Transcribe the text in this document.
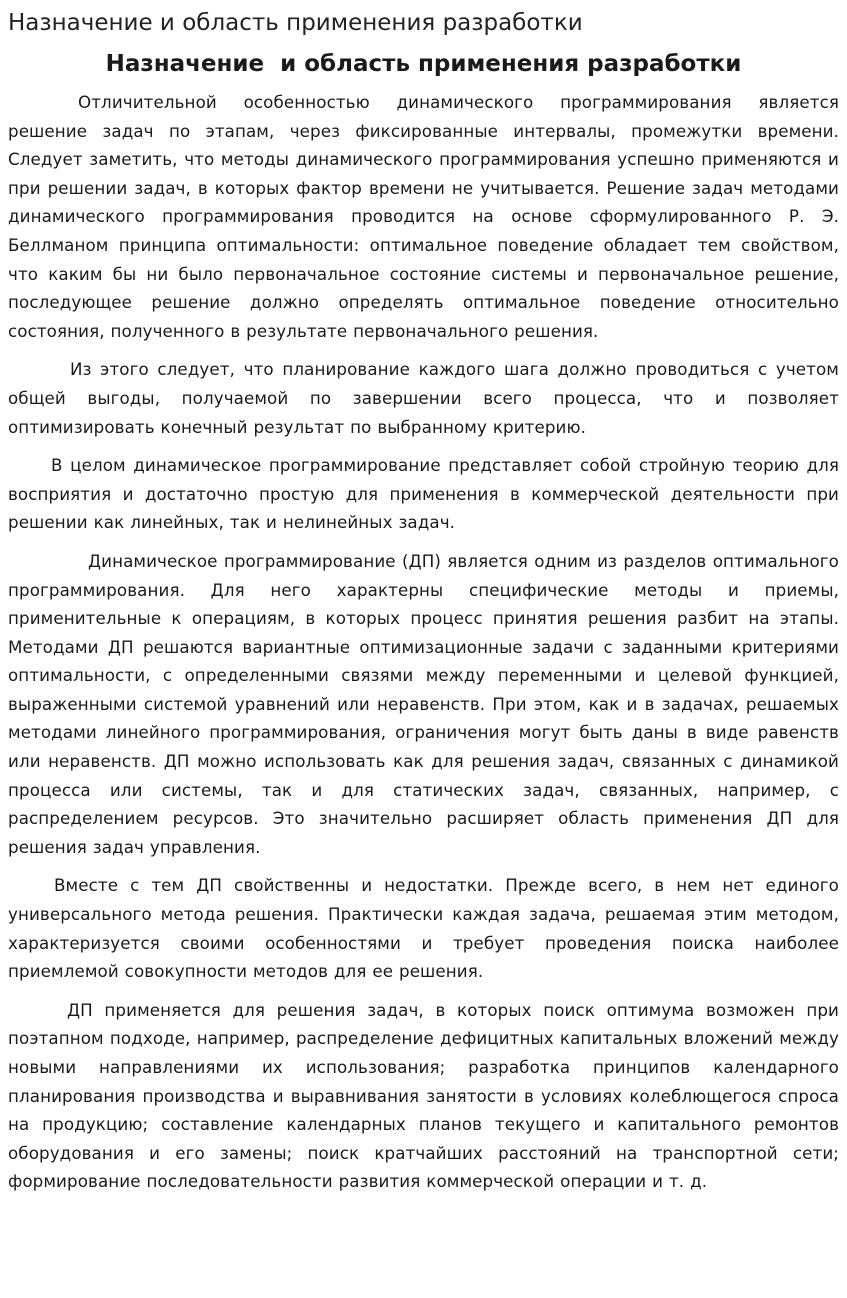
Назначение и область применения разработки
Назначение  и область применения разработки

Отличительной особенностью динамического программирования является решение задач по этапам, через фиксированные интервалы, промежутки времени. Следует заметить, что методы динамического программирования успешно применяются и при решении задач, в которых фактор времени не учитывается. Решение задач методами динамического программирования проводится на основе сформулированного Р. Э. Беллманом принципа оптимальности: оптимальное поведение обладает тем свойством, что каким бы ни было первоначальное состояние системы и первоначальное решение, последующее решение должно определять оптимальное поведение относительно состояния, полученного в результате первоначального решения.

Из этого следует, что планирование каждого шага должно проводиться с учетом общей выгоды, получаемой по завершении всего процесса, что и позволяет оптимизировать конечный результат по выбранному критерию.

В целом динамическое программирование представляет собой стройную теорию для восприятия и достаточно простую для применения в коммерческой деятельности при решении как линейных, так и нелинейных задач.

Динамическое программирование (ДП) является одним из разделов оптимального программирования. Для него характерны специфические методы и приемы, применительные к операциям, в которых процесс принятия решения разбит на этапы. Методами ДП решаются вариантные оптимизационные задачи с заданными критериями оптимальности, с определенными связями между переменными и целевой функцией, выраженными системой уравнений или неравенств. При этом, как и в задачах, решаемых методами линейного программирования, ограничения могут быть даны в виде равенств или неравенств. ДП можно использовать как для решения задач, связанных с динамикой процесса или системы, так и для статических задач, связанных, например, с распределением ресурсов. Это значительно расширяет область применения ДП для решения задач управления.

Вместе с тем ДП свойственны и недостатки. Прежде всего, в нем нет единого универсального метода решения. Практически каждая задача, решаемая этим методом, характеризуется своими особенностями и требует проведения поиска наиболее приемлемой совокупности методов для ее решения.

ДП применяется для решения задач, в которых поиск оптимума возможен при поэтапном подходе, например, распределение дефицитных капитальных вложений между новыми направлениями их использования; разработка принципов календарного планирования производства и выравнивания занятости в условиях колеблющегося спроса на продукцию; составление календарных планов текущего и капитального ремонтов оборудования и его замены; поиск кратчайших расстояний на транспортной сети; формирование последовательности развития коммерческой операции и т. д.
